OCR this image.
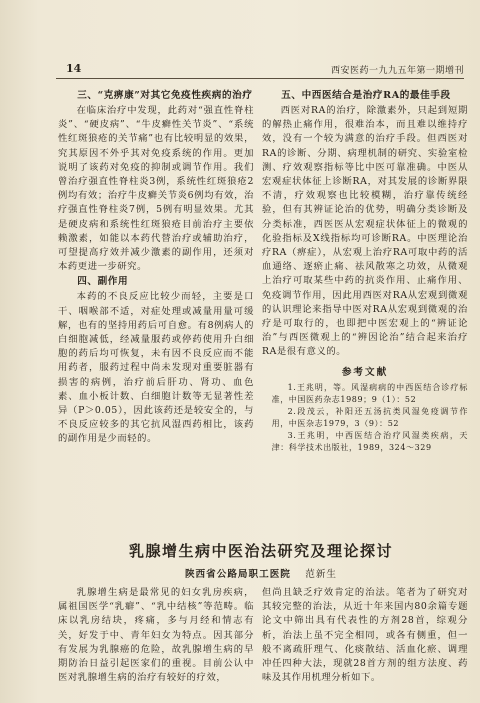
14	西安医药一九九五年第一期增刊
三、“克痹康”对其它免疫性疾病的治疗

在临床治疗中发现，此药对“强直性脊柱炎”、“硬皮病”、“牛皮癣性关节炎”、“系统性红斑狼疮的关节痛”也有比较明显的效果，究其原因不外乎其对免疫系统的作用。更加说明了该药对免疫的抑制或调节作用。我们曾治疗强直性脊柱炎3例，系统性红斑狼疮2例均有效；治疗牛皮癣关节炎6例均有效，治疗强直性脊柱炎7例，5例有明显效果。尤其是硬皮病和系统性红斑狼疮目前治疗主要依赖激素，如能以本药代替治疗或辅助治疗，可望提高疗效并减少激素的副作用，还须对本药更进一步研究。

四、副作用

本药的不良反应比较少而轻，主要是口干、咽喉部不适，对症处理或减量用量可缓解，也有的坚持用药后可自愈。有8例病人的白细胞减低，经减量服药或停药使用升白细胞的药后均可恢复，未有因不良反应而不能用药者，服药过程中尚未发现对重要脏器有损害的病例，治疗前后肝功、肾功、血色素、血小板计数、白细胞计数等无显著性差异（P＞0.05），因此该药还是较安全的，与不良反应较多的其它抗风湿西药相比，该药的副作用是少而轻的。

五、中西医结合是治疗RA的最佳手段

西医对RA的治疗，除激素外，只起到短期的解热止痛作用，很难治本，而且难以维持疗效，没有一个较为满意的治疗手段。但西医对RA的诊断、分期、病理机制的研究、实验室检测、疗效观察指标等比中医可靠准确。中医从宏观症状体征上诊断RA，对其发展的诊断界限不清，疗效观察也比较模糊，治疗靠传统经验，但有其辨证论治的优势，明确分类诊断及分类标准，西医医从宏观症状体征上的微观的化验指标及X线指标均可诊断RA。中医理论治疗RA（痹症），从宏观上治疗RA可取中药的活血通络、逐瘀止痛、祛风散寒之功效，从微观上治疗可取某些中药的抗炎作用、止痛作用、免疫调节作用，因此用西医对RA从宏观到微观的认识理论来指导中医对RA从宏观到微观的治疗是可取行的，也即把中医宏观上的“辨证论治”与西医微观上的“辨因论治”结合起来治疗RA是很有意义的。

参考文献

1.王兆明，等。风湿病病的中西医结合诊疗标准，中国医药杂志1989；9（1）：52

2.段茂云，补阳还五汤抗类风湿免疫调节作用，中医杂志1979，3（9）：52

3.王兆明，中西医结合治疗风湿类疾病，天津：科学技术出版社，1989，324～329

乳腺增生病中医治法研究及理论探讨
陕西省公路局职工医院 范新生

乳腺增生病是最常见的妇女乳房疾病，属祖国医学“乳癖”、“乳中结核”等范畴。临床以乳房结块，疼痛，多与月经和情志有关，好发于中、青年妇女为特点。因其部分有发展为乳腺癌的危险，故乳腺增生病的早期防治日益引起医家们的重视。目前公认中医对乳腺增生病的治疗有较好的疗效，

但尚且缺乏疗效肯定的治法。笔者为了研究对其较完整的治法，从近十年来国内80余篇专题论文中筛出具有代表性的方剂28首，综观分析，治法上虽不完全相同，或各有侧重，但一般不离疏肝理气、化痰散结、活血化瘀、调理冲任四种大法，现就28首方剂的组方法度、药味及其作用机理分析如下。
